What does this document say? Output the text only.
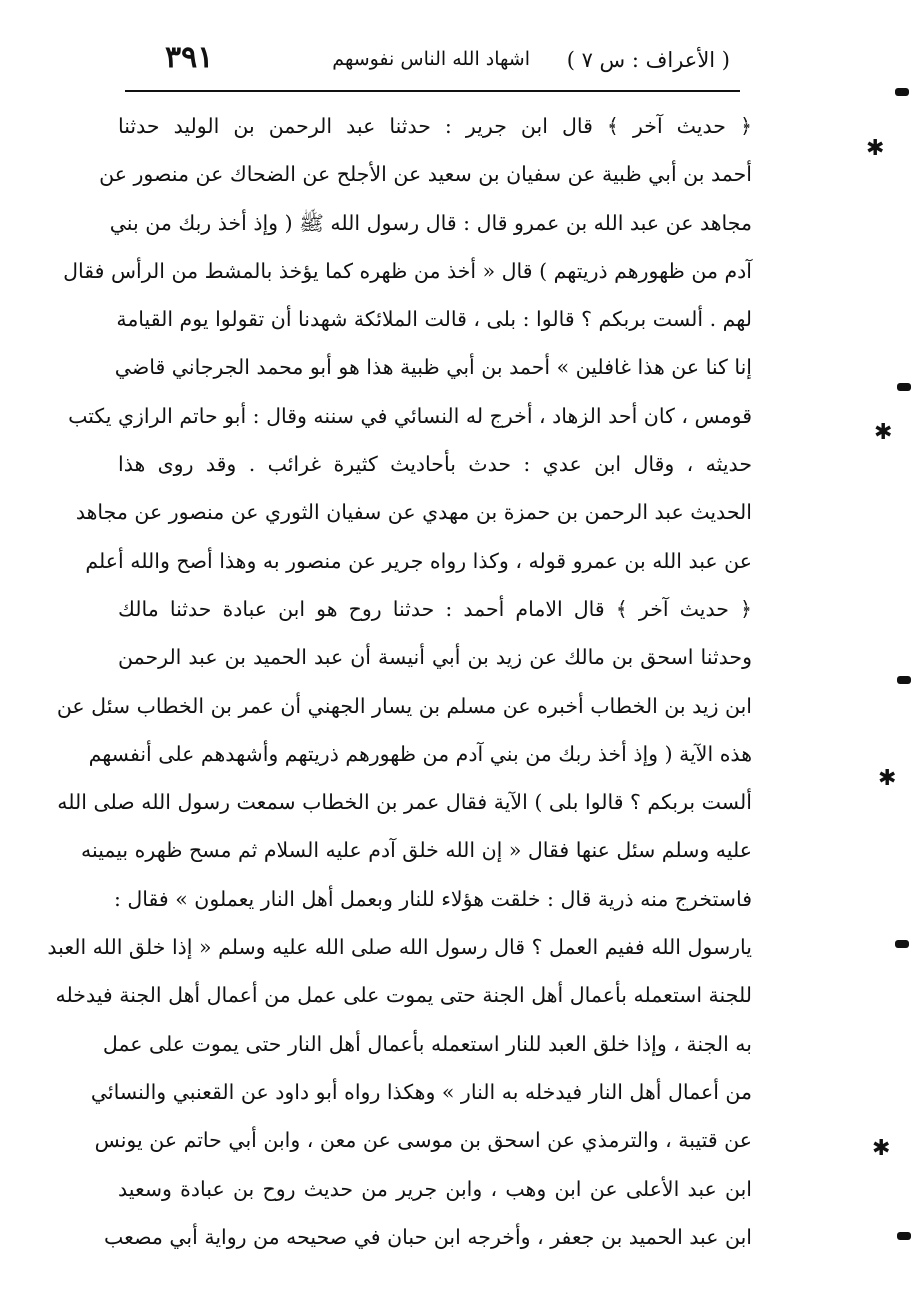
( الأعراف : س ٧ )
اشهاد الله الناس نفوسهم
٣٩١
﴿ حديث آخر ﴾ قال ابن جرير : حدثنا عبد الرحمن بن الوليد حدثنا
أحمد بن أبي ظبية عن سفيان بن سعيد عن الأجلح عن الضحاك عن منصور عن
مجاهد عن عبد الله بن عمرو قال : قال رسول الله ﷺ ( وإذ أخذ ربك من بني
آدم من ظهورهم ذريتهم ) قال « أخذ من ظهره كما يؤخذ بالمشط من الرأس فقال
لهم . ألست بربكم ؟ قالوا : بلى ، قالت الملائكة شهدنا أن تقولوا يوم القيامة
إنا كنا عن هذا غافلين » أحمد بن أبي ظبية هذا هو أبو محمد الجرجاني قاضي
قومس ، كان أحد الزهاد ، أخرج له النسائي في سننه وقال : أبو حاتم الرازي يكتب
حديثه ، وقال ابن عدي : حدث بأحاديث كثيرة غرائب . وقد روى هذا
الحديث عبد الرحمن بن حمزة بن مهدي عن سفيان الثوري عن منصور عن مجاهد
عن عبد الله بن عمرو قوله ، وكذا رواه جرير عن منصور به وهذا أصح والله أعلم
﴿ حديث آخر ﴾ قال الامام أحمد : حدثنا روح هو ابن عبادة حدثنا مالك
وحدثنا اسحق بن مالك عن زيد بن أبي أنيسة أن عبد الحميد بن عبد الرحمن
ابن زيد بن الخطاب أخبره عن مسلم بن يسار الجهني أن عمر بن الخطاب سئل عن
هذه الآية ( وإذ أخذ ربك من بني آدم من ظهورهم ذريتهم وأشهدهم على أنفسهم
ألست بربكم ؟ قالوا بلى ) الآية فقال عمر بن الخطاب سمعت رسول الله صلى الله
عليه وسلم سئل عنها فقال « إن الله خلق آدم عليه السلام ثم مسح ظهره بيمينه
فاستخرج منه ذرية قال : خلقت هؤلاء للنار وبعمل أهل النار يعملون » فقال :
يارسول الله ففيم العمل ؟ قال رسول الله صلى الله عليه وسلم « إذا خلق الله العبد
للجنة استعمله بأعمال أهل الجنة حتى يموت على عمل من أعمال أهل الجنة فيدخله
به الجنة ، وإذا خلق العبد للنار استعمله بأعمال أهل النار حتى يموت على عمل
من أعمال أهل النار فيدخله به النار » وهكذا رواه أبو داود عن القعنبي والنسائي
عن قتيبة ، والترمذي عن اسحق بن موسى عن معن ، وابن أبي حاتم عن يونس
ابن عبد الأعلى عن ابن وهب ، وابن جرير من حديث روح بن عبادة وسعيد
ابن عبد الحميد بن جعفر ، وأخرجه ابن حبان في صحيحه من رواية أبي مصعب
✱
✱
✱
✱
